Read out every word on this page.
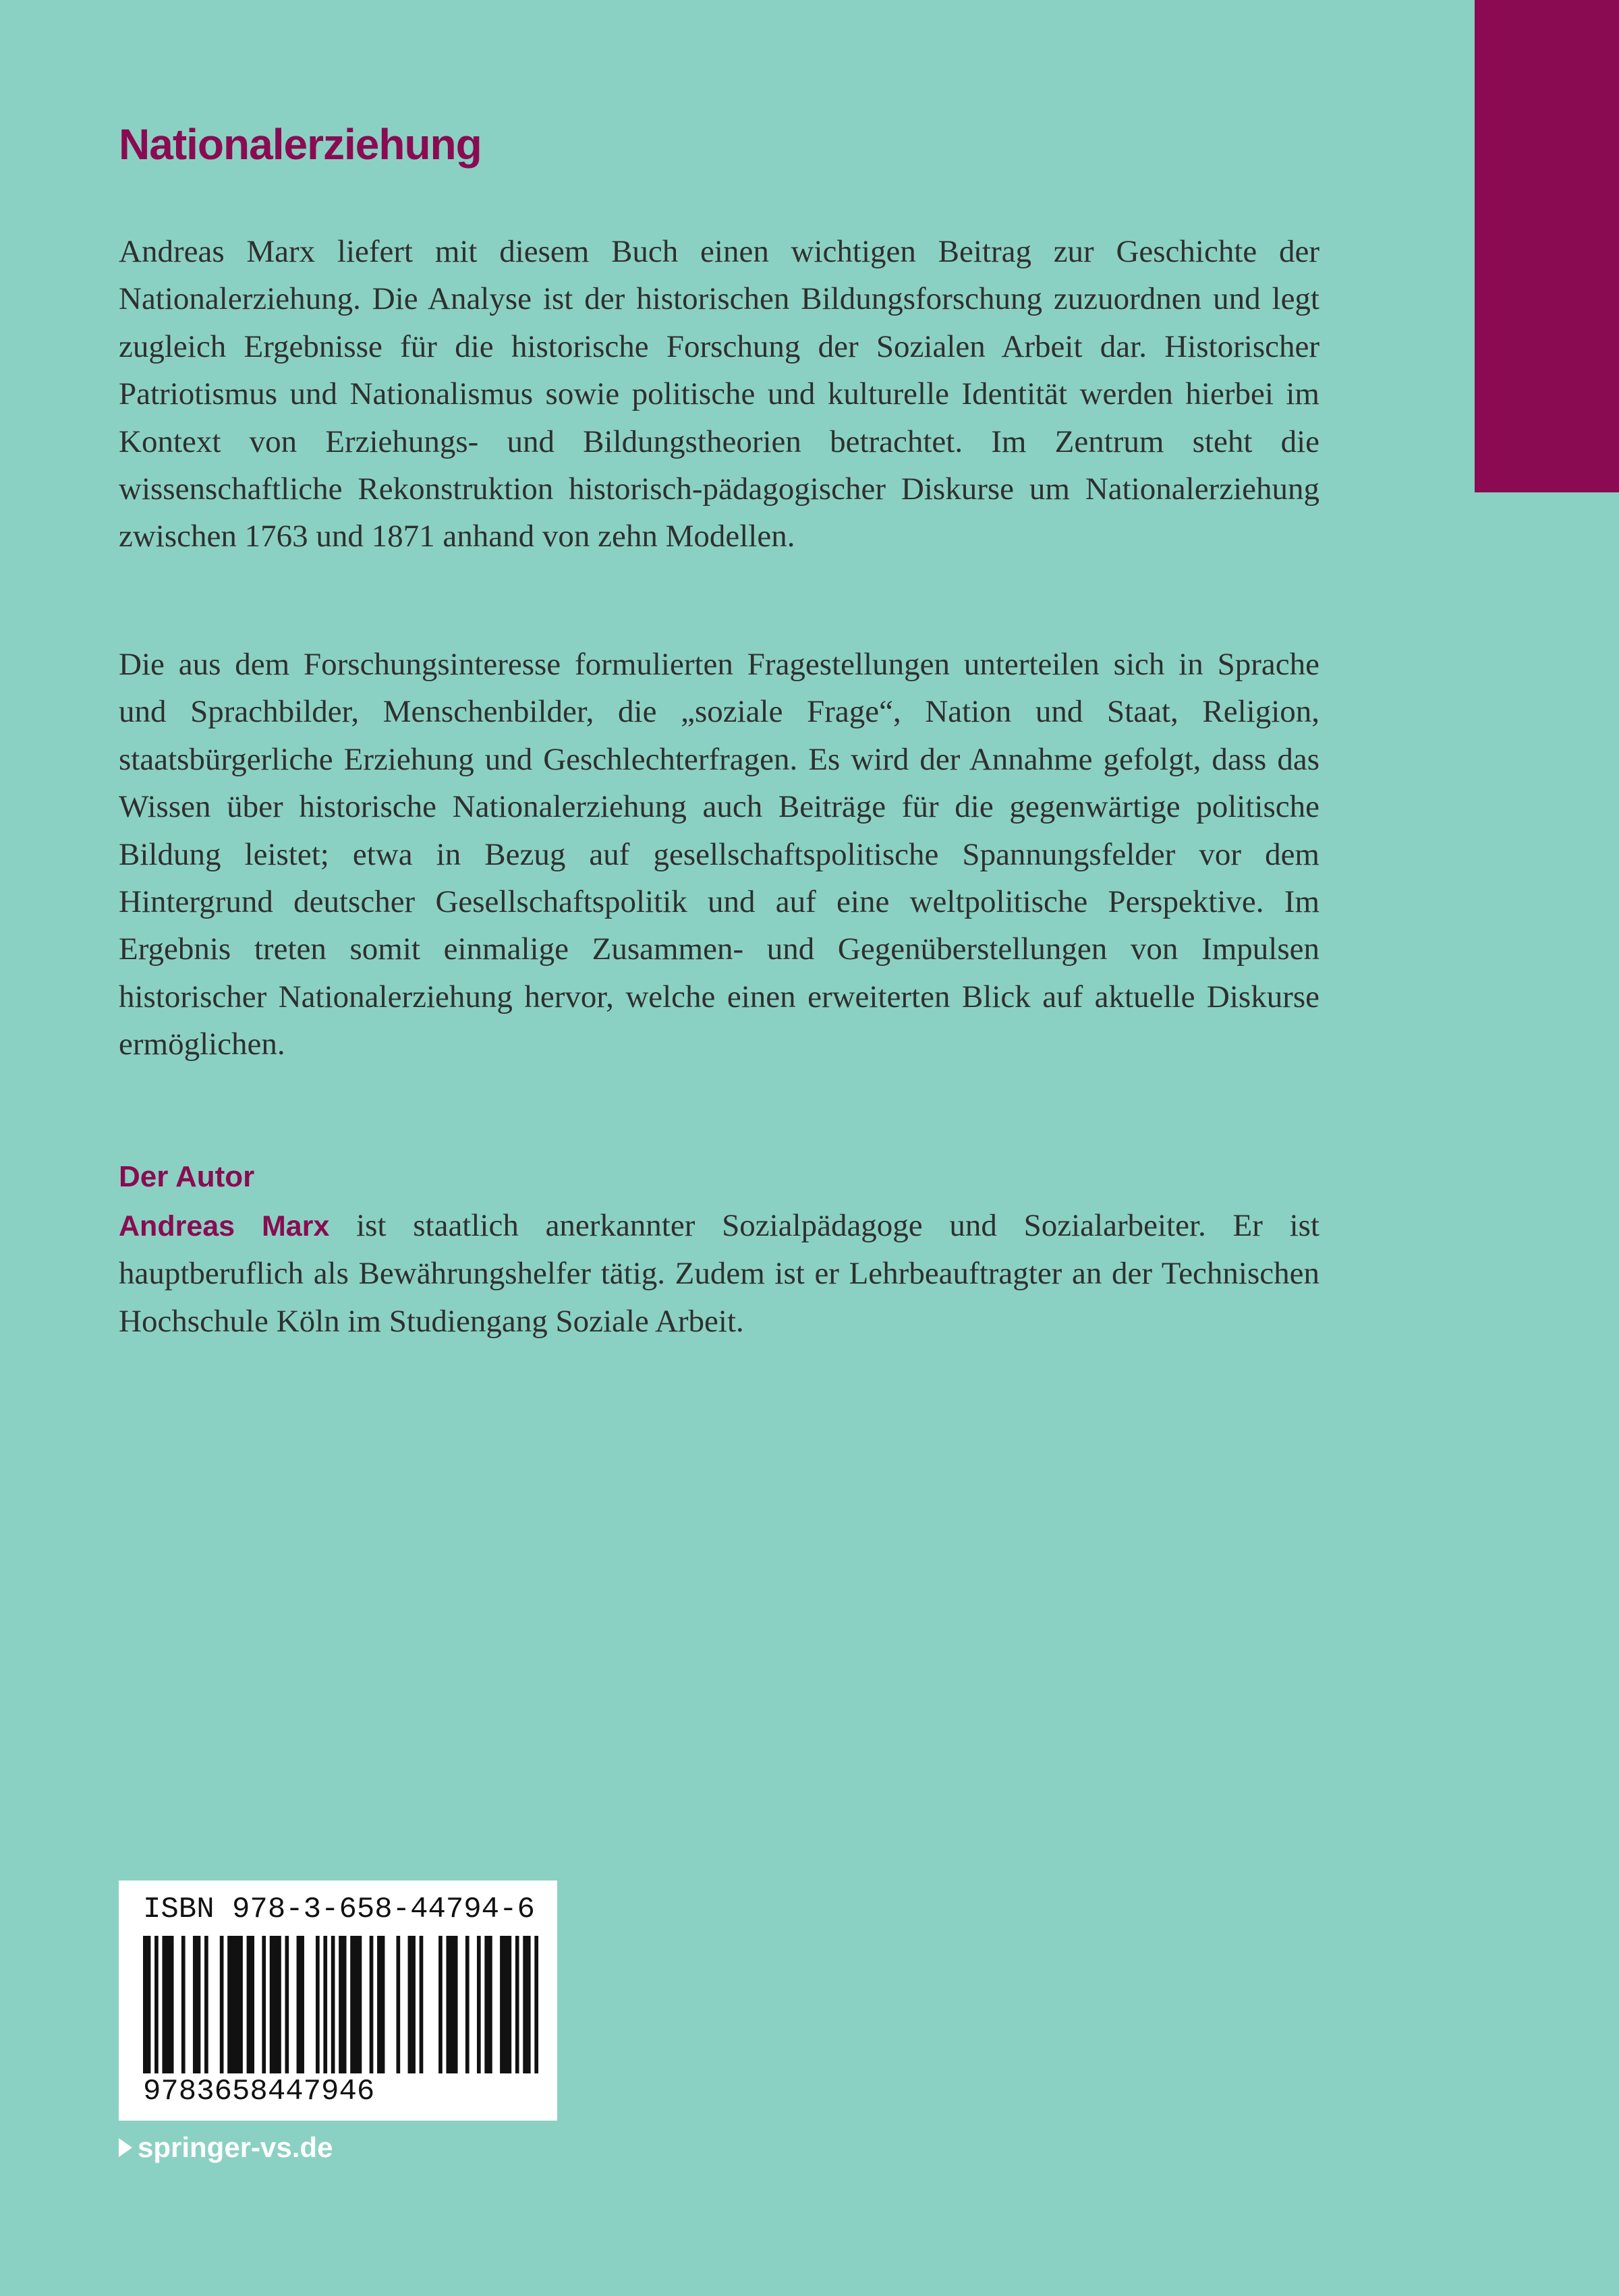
Nationalerziehung

Andreas Marx liefert mit diesem Buch einen wichtigen Beitrag zur Geschichte der Nationalerziehung. Die Analyse ist der historischen Bildungsforschung zuzuordnen und legt zugleich Ergebnisse für die historische Forschung der Sozialen Arbeit dar. Historischer Patriotismus und Nationalismus sowie politische und kulturelle Identität werden hierbei im Kontext von Erziehungs- und Bildungstheorien betrachtet. Im Zentrum steht die wissenschaftliche Rekonstruktion historisch-pädagogischer Diskurse um Nationalerziehung zwischen 1763 und 1871 anhand von zehn Modellen.

Die aus dem Forschungsinteresse formulierten Fragestellungen unterteilen sich in Sprache und Sprachbilder, Menschenbilder, die „soziale Frage“, Nation und Staat, Religion, staatsbürgerliche Erziehung und Geschlechterfragen. Es wird der Annahme gefolgt, dass das Wissen über historische Nationalerziehung auch Beiträge für die gegenwärtige politische Bildung leistet; etwa in Bezug auf gesellschaftspolitische Spannungsfelder vor dem Hintergrund deutscher Gesellschaftspolitik und auf eine weltpolitische Perspektive. Im Ergebnis treten somit einmalige Zusammen- und Gegenüberstellungen von Impulsen historischer Nationalerziehung hervor, welche einen erweiterten Blick auf aktuelle Diskurse ermöglichen.

Der Autor

Andreas Marx ist staatlich anerkannter Sozialpädagoge und Sozialarbeiter. Er ist hauptberuflich als Bewährungshelfer tätig. Zudem ist er Lehrbeauftragter an der Technischen Hochschule Köln im Studiengang Soziale Arbeit.

ISBN 978-3-658-44794-6
9783658447946
springer-vs.de
